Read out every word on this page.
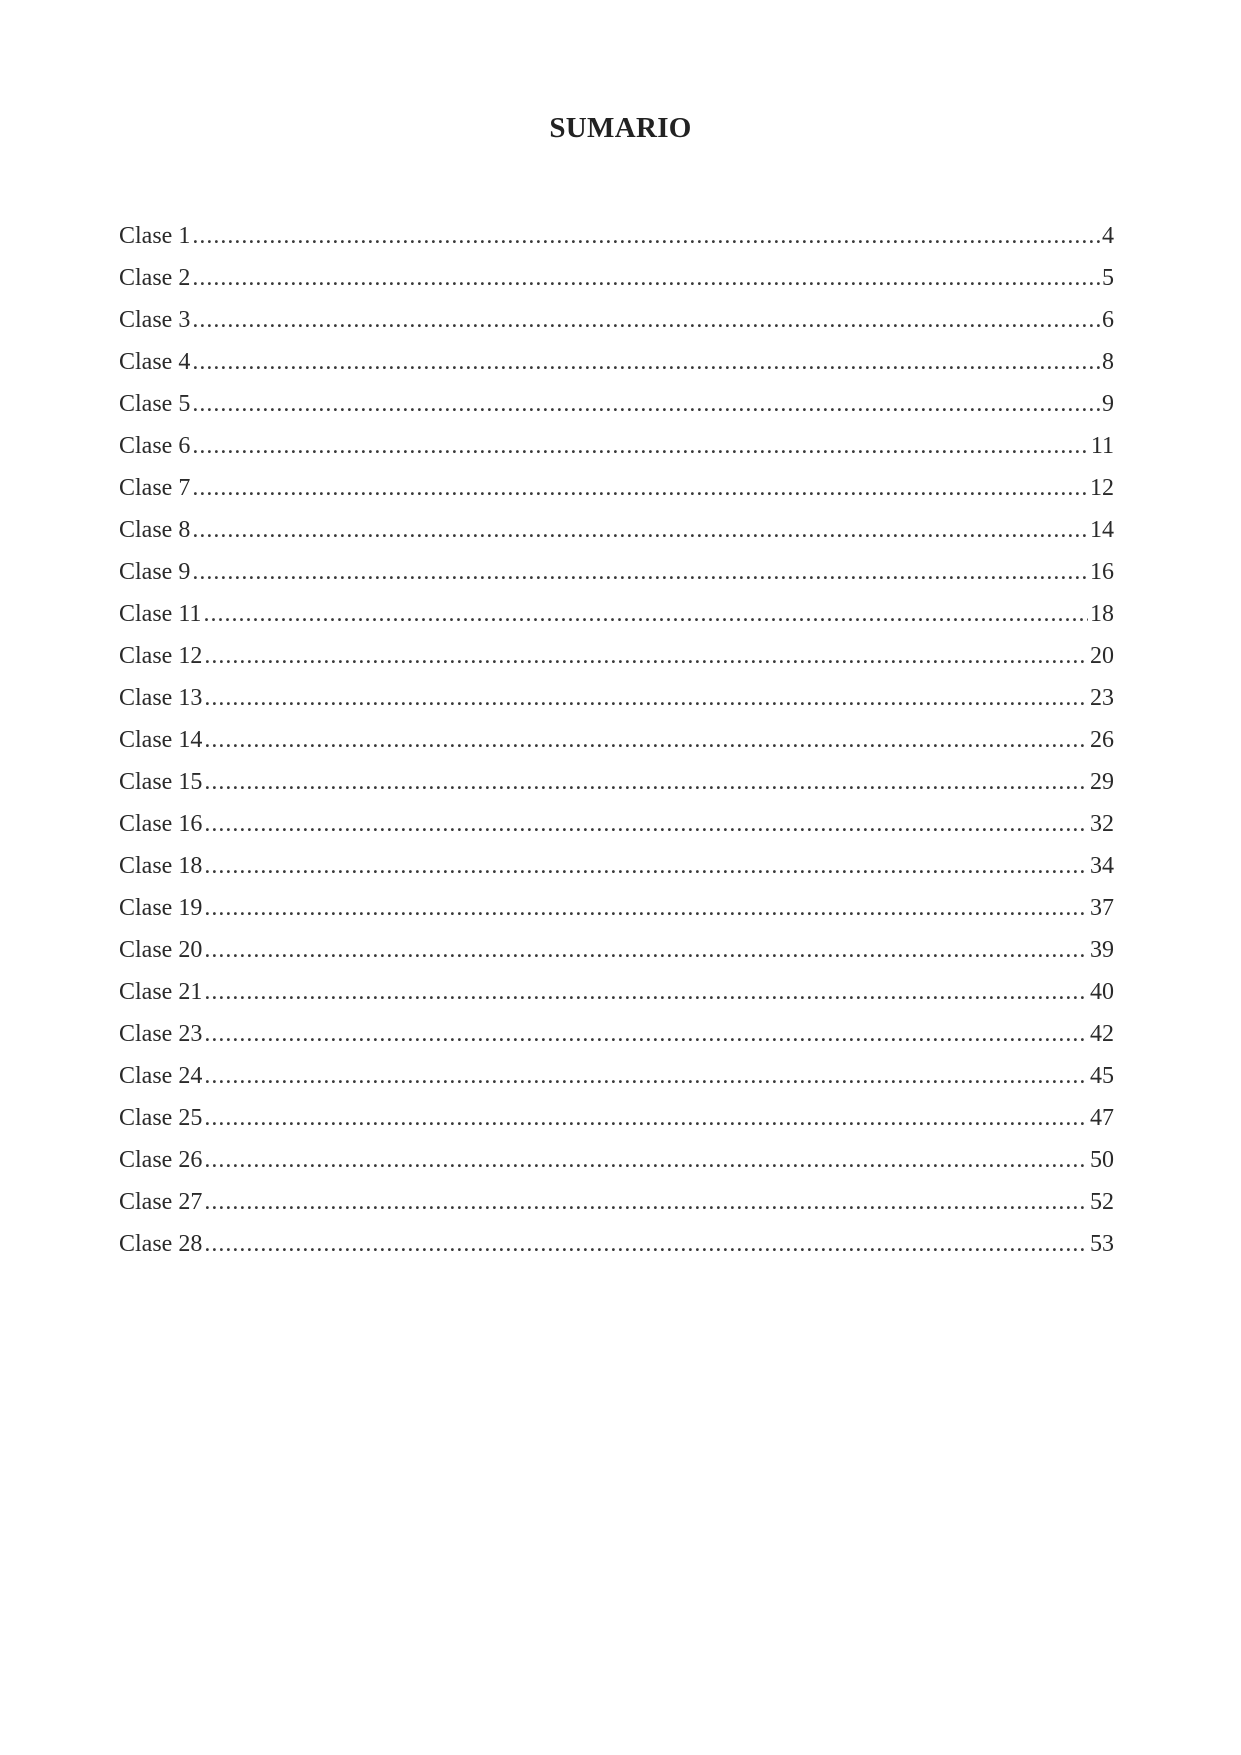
SUMARIO
Clase 1 .....	4
Clase 2 .....	5
Clase 3 .....	6
Clase 4 .....	8
Clase 5 .....	9
Clase 6 .....	11
Clase 7 .....	12
Clase 8 .....	14
Clase 9 .....	16
Clase 11 .....	18
Clase 12 .....	20
Clase 13 .....	23
Clase 14 .....	26
Clase 15 .....	29
Clase 16 .....	32
Clase 18 .....	34
Clase 19 .....	37
Clase 20 .....	39
Clase 21 .....	40
Clase 23 .....	42
Clase 24 .....	45
Clase 25 .....	47
Clase 26 .....	50
Clase 27 .....	52
Clase 28 .....	53
